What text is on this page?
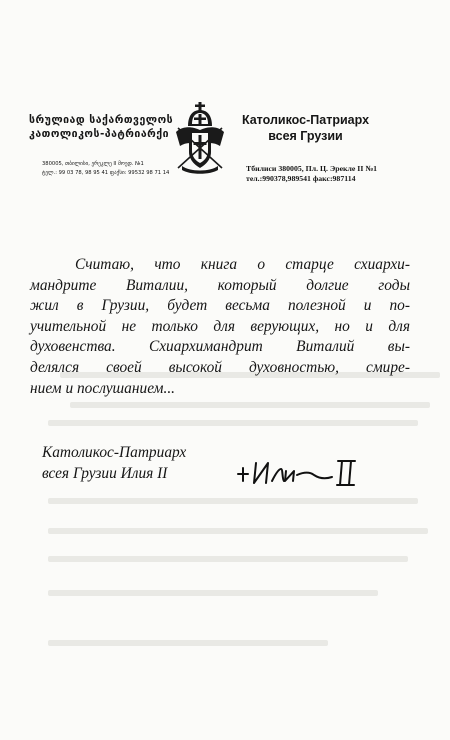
სრულიად საქართველოს
კათოლიკოს-პატრიარქი
380005, თბილისი, ერეკლე II მოედ. №1
ტელ.: 99 03 78, 98 95 41 ფაქსი: 99532 98 71 14
Католикос-Патриарх
всея Грузии
Тбилиси 380005, Пл. Ц. Эрекле II №1
тел.:990378,989541 факс:987114
Считаю, что книга о старце схиархи-
мандрите Виталии, который долгие годы
жил в Грузии, будет весьма полезной и по-
учительной не только для верующих, но и для
духовенства. Схиархимандрит Виталий вы-
делялся своей высокой духовностью, смире-
нием и послушанием...
Католикос-Патриарх
всея Грузии Илия II
